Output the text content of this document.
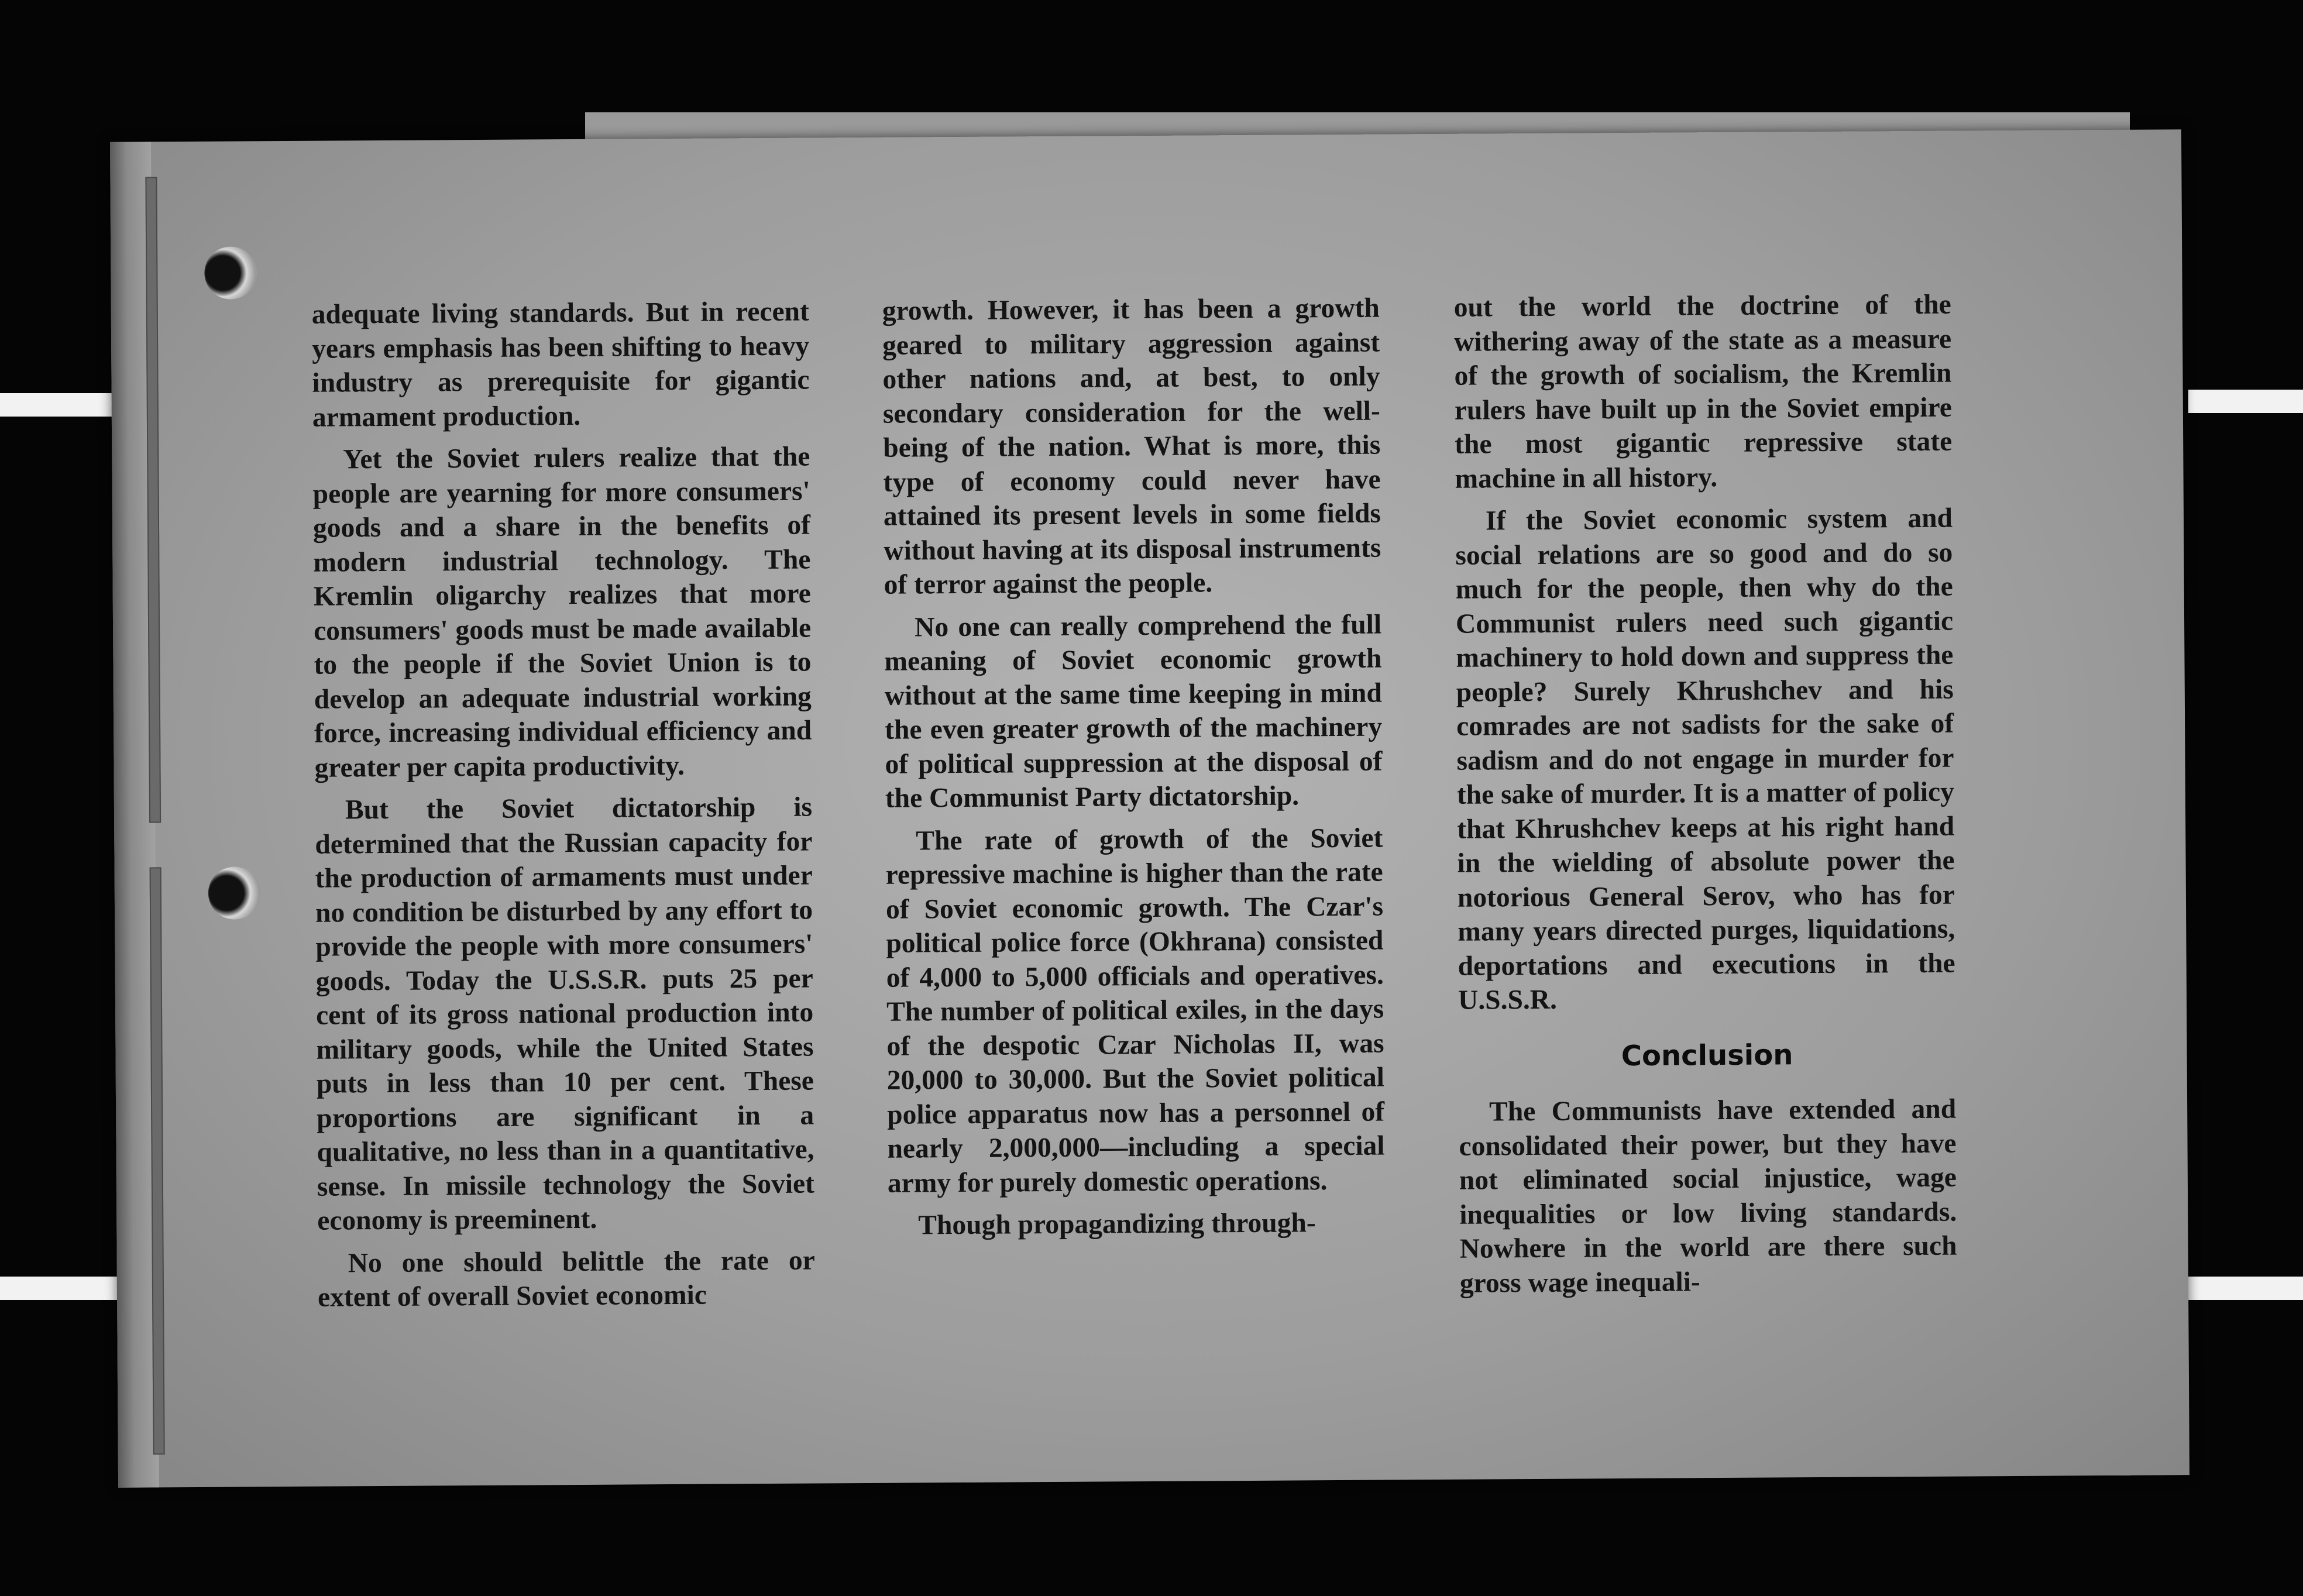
adequate living standards. But in recent years emphasis has been shifting to heavy industry as prerequisite for gigantic armament production.

Yet the Soviet rulers realize that the people are yearning for more consumers' goods and a share in the benefits of modern industrial technology. The Kremlin oligarchy realizes that more consumers' goods must be made available to the people if the Soviet Union is to develop an adequate industrial working force, increasing individual efficiency and greater per capita productivity.

But the Soviet dictatorship is determined that the Russian capacity for the production of armaments must under no condition be disturbed by any effort to provide the people with more consumers' goods. Today the U.S.S.R. puts 25 per cent of its gross national production into military goods, while the United States puts in less than 10 per cent. These proportions are significant in a qualitative, no less than in a quantitative, sense. In missile technology the Soviet economy is preeminent.

No one should belittle the rate or extent of overall Soviet economic

growth. However, it has been a growth geared to military aggression against other nations and, at best, to only secondary consideration for the well-being of the nation. What is more, this type of economy could never have attained its present levels in some fields without having at its disposal instruments of terror against the people.

No one can really comprehend the full meaning of Soviet economic growth without at the same time keeping in mind the even greater growth of the machinery of political suppression at the disposal of the Communist Party dictatorship.

The rate of growth of the Soviet repressive machine is higher than the rate of Soviet economic growth. The Czar's political police force (Okhrana) consisted of 4,000 to 5,000 officials and operatives. The number of political exiles, in the days of the despotic Czar Nicholas II, was 20,000 to 30,000. But the Soviet political police apparatus now has a personnel of nearly 2,000,000—including a special army for purely domestic operations.

Though propagandizing through-

out the world the doctrine of the withering away of the state as a measure of the growth of socialism, the Kremlin rulers have built up in the Soviet empire the most gigantic repressive state machine in all history.

If the Soviet economic system and social relations are so good and do so much for the people, then why do the Communist rulers need such gigantic machinery to hold down and suppress the people? Surely Khrushchev and his comrades are not sadists for the sake of sadism and do not engage in murder for the sake of murder. It is a matter of policy that Khrushchev keeps at his right hand in the wielding of absolute power the notorious General Serov, who has for many years directed purges, liquidations, deportations and executions in the U.S.S.R.

Conclusion

The Communists have extended and consolidated their power, but they have not eliminated social injustice, wage inequalities or low living standards. Nowhere in the world are there such gross wage inequali-
